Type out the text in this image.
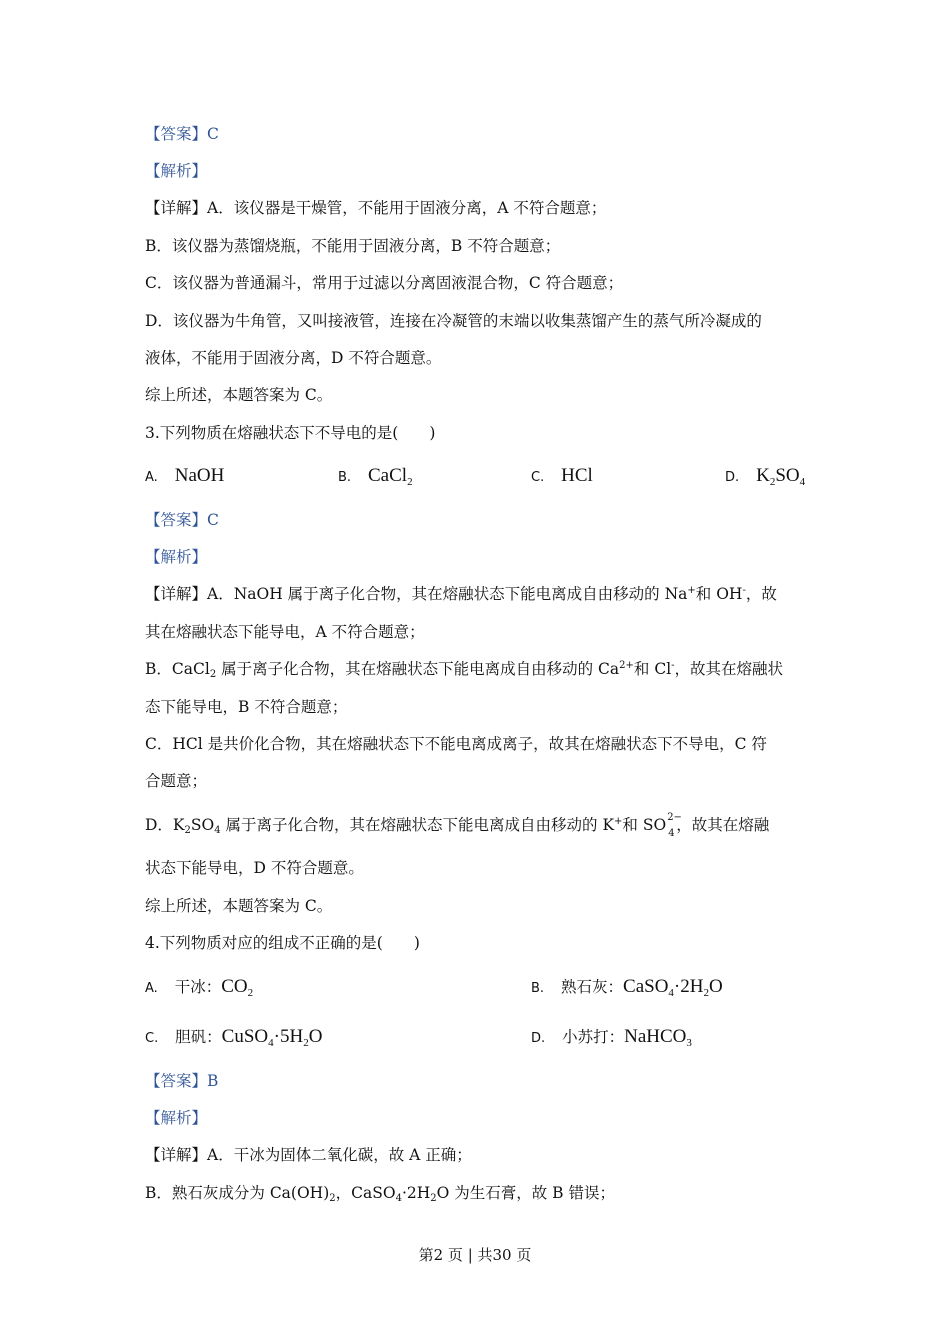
【答案】C
【解析】
【详解】A．该仪器是干燥管，不能用于固液分离，A 不符合题意；
B．该仪器为蒸馏烧瓶，不能用于固液分离，B 不符合题意；
C．该仪器为普通漏斗，常用于过滤以分离固液混合物，C 符合题意；
D．该仪器为牛角管，又叫接液管，连接在冷凝管的末端以收集蒸馏产生的蒸气所冷凝成的
液体，不能用于固液分离，D 不符合题意。
综上所述，本题答案为 C。
3.下列物质在熔融状态下不导电的是(　　)
A. NaOH	B. CaCl$_2$	C. HCl	D. $K_2SO_4$
【答案】C
【解析】
【详解】A．NaOH 属于离子化合物，其在熔融状态下能电离成自由移动的 Na+和 OH-，故
其在熔融状态下能导电，A 不符合题意；
B．CaCl$_2$ 属于离子化合物，其在熔融状态下能电离成自由移动的 $Ca^{2+}$和 Cl-，故其在熔融状
态下能导电，B 不符合题意；
C．HCl 是共价化合物，其在熔融状态下不能电离成离子，故其在熔融状态下不导电，C 符
合题意；
D．$K_2SO_4$ 属于离子化合物，其在熔融状态下能电离成自由移动的 K+和 SO 2−
4 ，故其在熔融
状态下能导电，D 不符合题意。
综上所述，本题答案为 C。
4.下列物质对应的组成不正确的是(　　)
A. 干冰：$CO_2$	B. 熟石灰：$CaSO_4\cdot 2H_2O$
C. 胆矾：$CuSO_4\cdot 5H_2O$	D. 小苏打：NaHCO$_3$
【答案】B
【解析】
【详解】A．干冰为固体二氧化碳，故 A 正确；
B．熟石灰成分为 $Ca(OH)_2$，$CaSO_4\cdot 2H_2O$ 为生石膏，故 B 错误；
第2 页 | 共30 页
